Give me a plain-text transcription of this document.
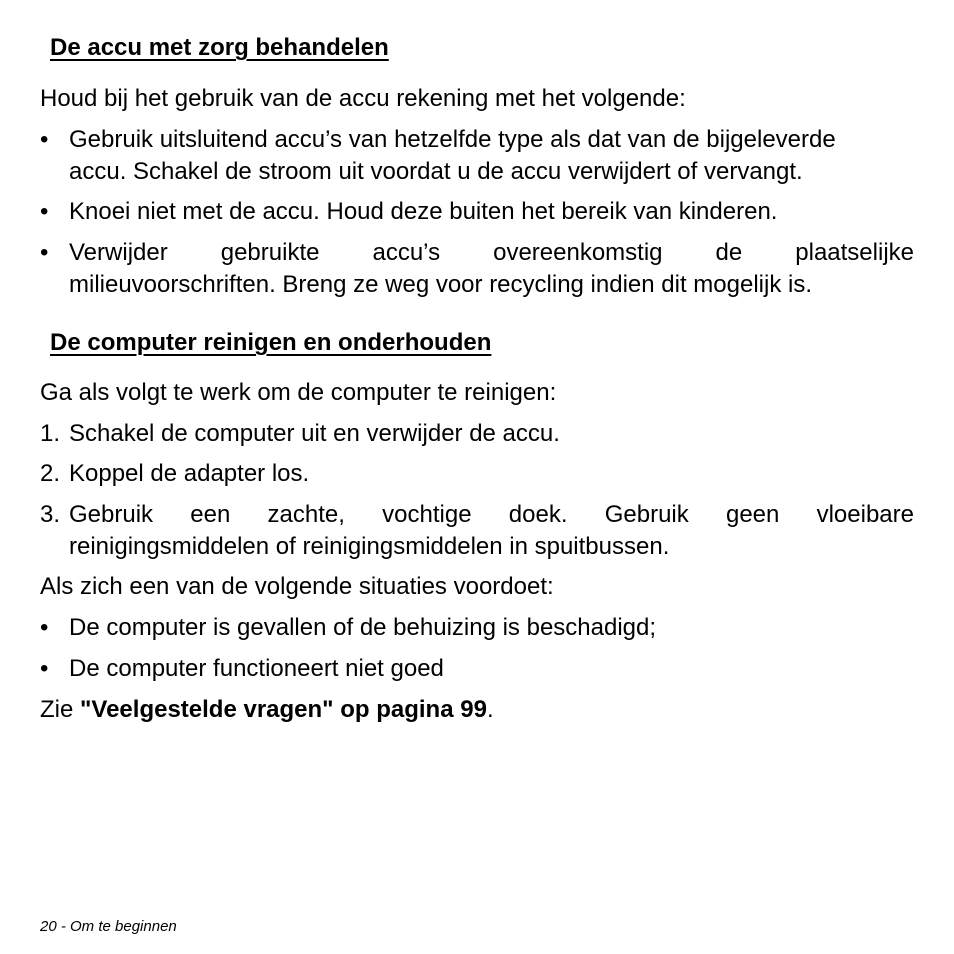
De accu met zorg behandelen
Houd bij het gebruik van de accu rekening met het volgende:
• Gebruik uitsluitend accu’s van hetzelfde type als dat van de bijgeleverde
accu. Schakel de stroom uit voordat u de accu verwijdert of vervangt.
• Knoei niet met de accu. Houd deze buiten het bereik van kinderen.
• Verwijder gebruikte accu’s overeenkomstig de plaatselijke
milieuvoorschriften. Breng ze weg voor recycling indien dit mogelijk is.
De computer reinigen en onderhouden
Ga als volgt te werk om de computer te reinigen:
1. Schakel de computer uit en verwijder de accu.
2. Koppel de adapter los.
3. Gebruik een zachte, vochtige doek. Gebruik geen vloeibare
reinigingsmiddelen of reinigingsmiddelen in spuitbussen.
Als zich een van de volgende situaties voordoet:
• De computer is gevallen of de behuizing is beschadigd;
• De computer functioneert niet goed
Zie "Veelgestelde vragen" op pagina 99.
20 - Om te beginnen
